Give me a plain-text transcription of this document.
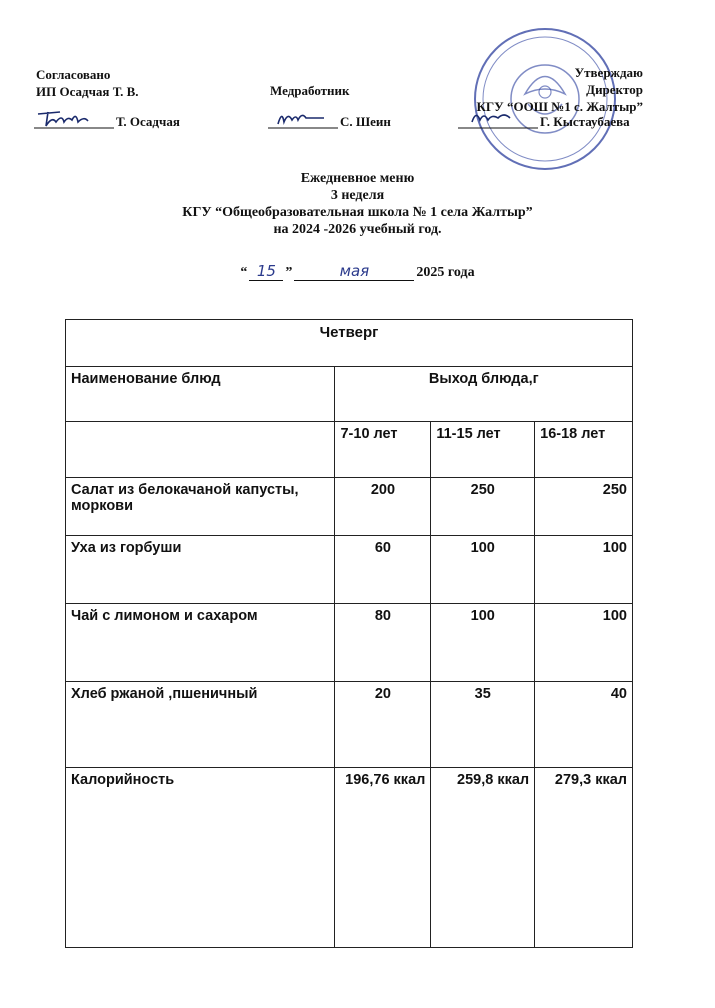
Согласовано
ИП Осадчая Т. В.
Т. Осадчая
Медработник
С. Шеин
Утверждаю
Директор
КГУ “ООШ №1 с. Жалтыр”
Г. Кыстаубаева
Ежедневное меню
3 неделя
КГУ “Общеобразовательная школа № 1 села Жалтыр”
на 2024 -2026 учебный год.
“ 15 ”	мая	2025 года
Четверг			
Наименование блюд	Выход блюда,г		
	7-10 лет	11-15 лет	16-18 лет
Салат из белокачаной капусты, моркови	200	250	250
Уха из горбуши	60	100	100
Чай с лимоном и сахаром	80	100	100
Хлеб ржаной ,пшеничный	20	35	40
Калорийность	196,76 ккал	259,8 ккал	279,3 ккал
